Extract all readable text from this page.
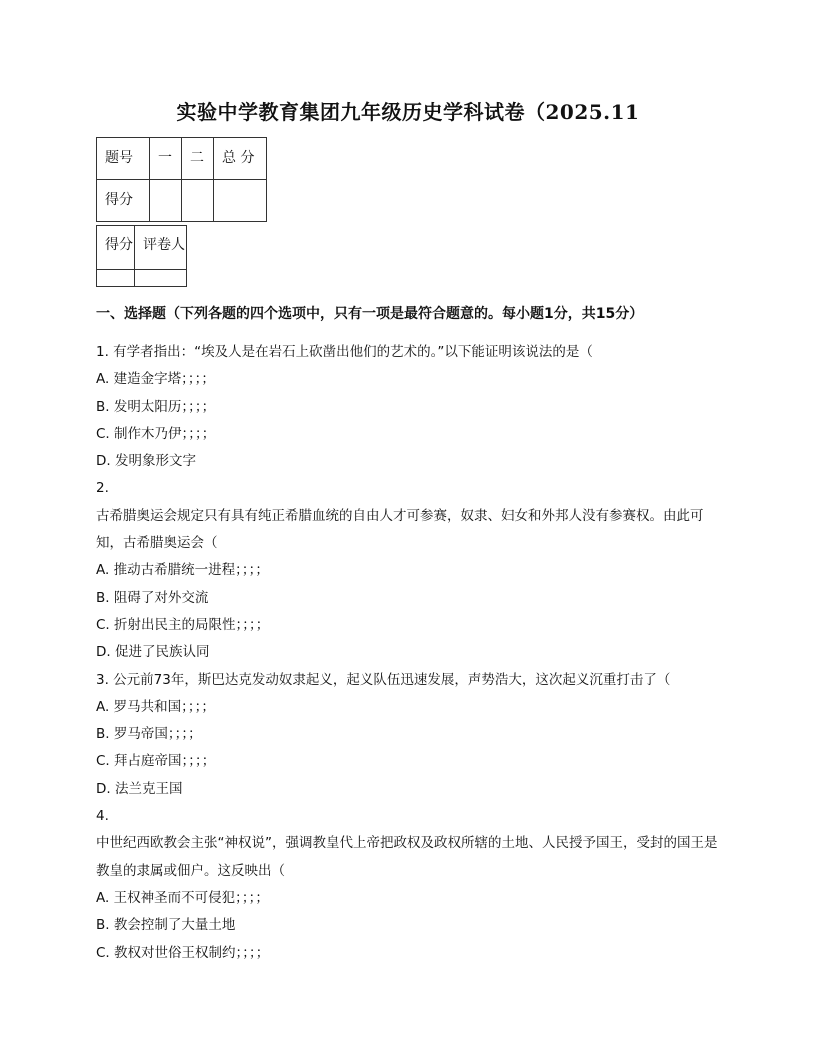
实验中学教育集团九年级历史学科试卷（2025.11
题号	一	二	总 分
得分			
得分	评卷人

一、选择题（下列各题的四个选项中，只有一项是最符合题意的。每小题1分，共15分）
1. 有学者指出：“埃及人是在岩石上砍凿出他们的艺术的。”以下能证明该说法的是（
A. 建造金字塔；；；；
B. 发明太阳历；；；；
C. 制作木乃伊；；；；
D. 发明象形文字
2.
古希腊奥运会规定只有具有纯正希腊血统的自由人才可参赛，奴隶、妇女和外邦人没有参赛权。由此可知，古希腊奥运会（
A. 推动古希腊统一进程；；；；
B. 阻碍了对外交流
C. 折射出民主的局限性；；；；
D. 促进了民族认同
3. 公元前73年，斯巴达克发动奴隶起义，起义队伍迅速发展，声势浩大，这次起义沉重打击了（
A. 罗马共和国；；；；
B. 罗马帝国；；；；
C. 拜占庭帝国；；；；
D. 法兰克王国
4.
中世纪西欧教会主张“神权说”，强调教皇代上帝把政权及政权所辖的土地、人民授予国王，受封的国王是教皇的隶属或佃户。这反映出（
A. 王权神圣而不可侵犯；；；；
B. 教会控制了大量土地
C. 教权对世俗王权制约；；；；
